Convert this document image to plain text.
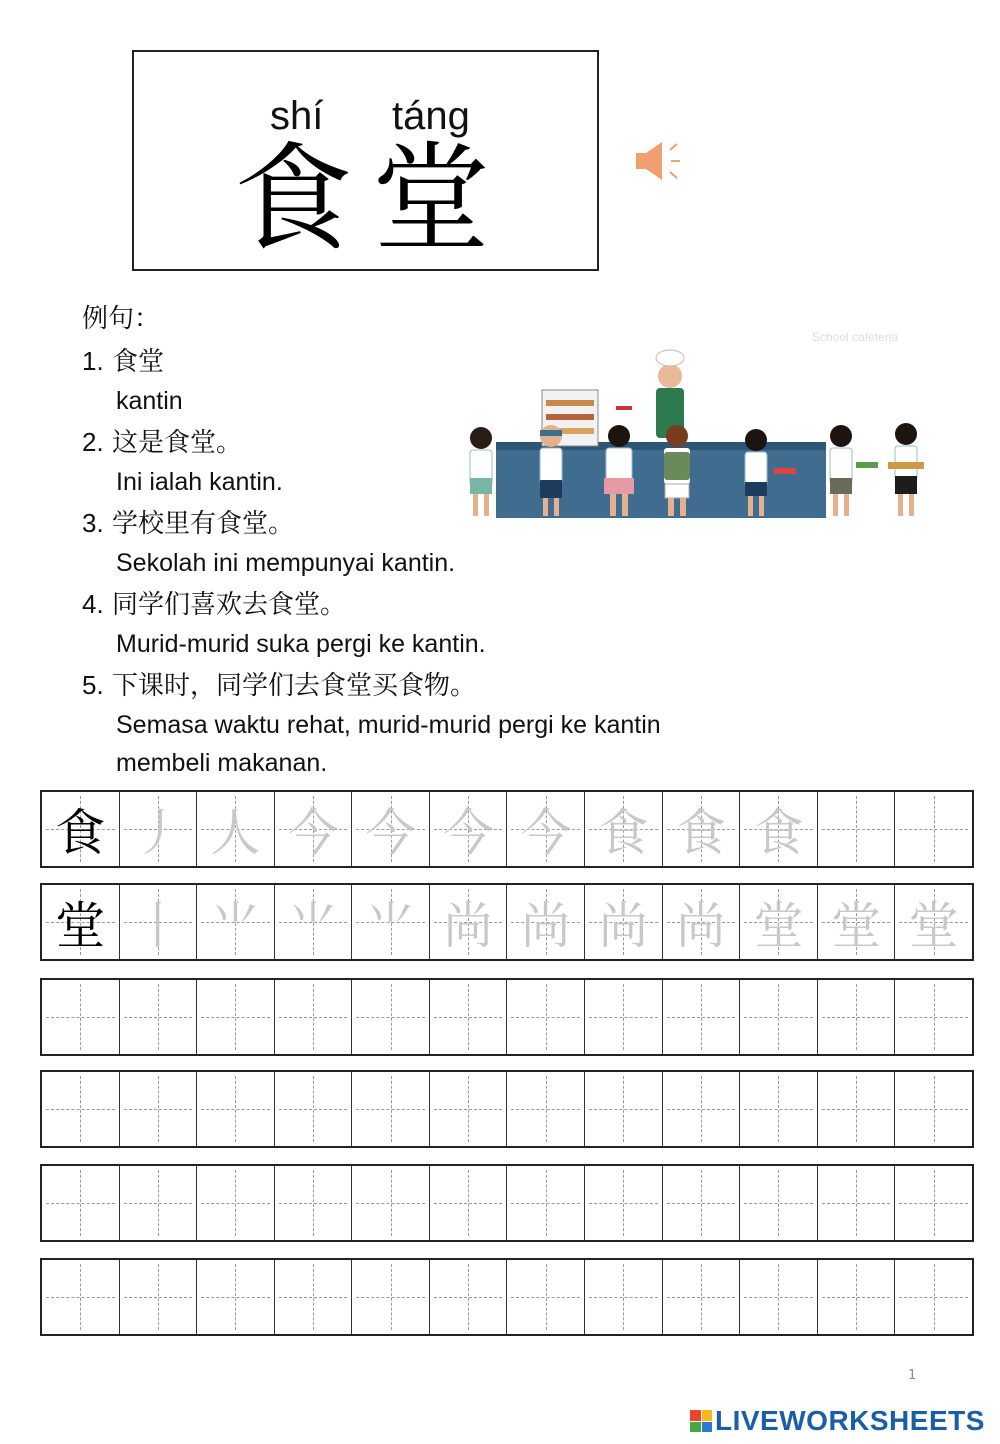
shí táng
食堂
例句：
1. 食堂
kantin
2. 这是食堂。
Ini ialah kantin.
3. 学校里有食堂。
Sekolah ini mempunyai kantin.
4. 同学们喜欢去食堂。
Murid-murid suka pergi ke kantin.
5. 下课时，同学们去食堂买食物。
Semasa waktu rehat, murid-murid pergi ke kantin membeli makanan.
School cafeteria
食 丿 人 今 今 今 今 食 食 食
堂 丨 ⺌ ⺌ ⺌ 尚 尚 尚 尚 堂 堂 堂
1
LIVEWORKSHEETS
